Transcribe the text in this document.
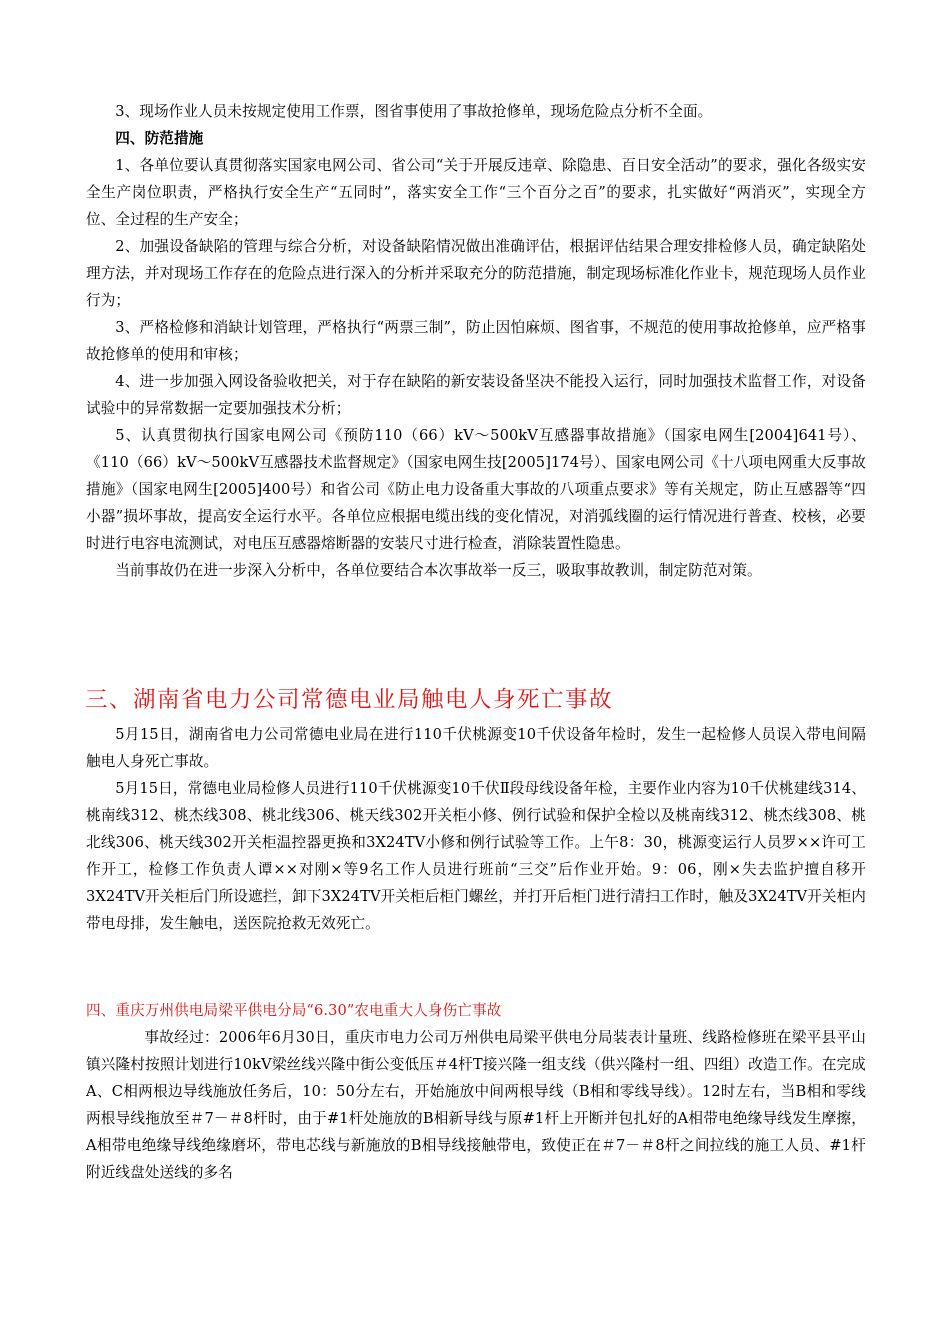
3、现场作业人员未按规定使用工作票，图省事使用了事故抢修单，现场危险点分析不全面。

四、防范措施

1、各单位要认真贯彻落实国家电网公司、省公司“关于开展反违章、除隐患、百日安全活动”的要求，强化各级实安全生产岗位职责，严格执行安全生产“五同时”，落实安全工作“三个百分之百”的要求，扎实做好“两消灭”，实现全方位、全过程的生产安全；

2、加强设备缺陷的管理与综合分析，对设备缺陷情况做出准确评估，根据评估结果合理安排检修人员，确定缺陷处理方法，并对现场工作存在的危险点进行深入的分析并采取充分的防范措施，制定现场标准化作业卡，规范现场人员作业行为；

3、严格检修和消缺计划管理，严格执行“两票三制”，防止因怕麻烦、图省事，不规范的使用事故抢修单，应严格事故抢修单的使用和审核；

4、进一步加强入网设备验收把关，对于存在缺陷的新安装设备坚决不能投入运行，同时加强技术监督工作，对设备试验中的异常数据一定要加强技术分析；

5、认真贯彻执行国家电网公司《预防110（66）kV～500kV互感器事故措施》（国家电网生[2004]641号）、《110（66）kV～500kV互感器技术监督规定》（国家电网生技[2005]174号）、国家电网公司《十八项电网重大反事故措施》（国家电网生[2005]400号）和省公司《防止电力设备重大事故的八项重点要求》等有关规定，防止互感器等“四小器”损坏事故，提高安全运行水平。各单位应根据电缆出线的变化情况，对消弧线圈的运行情况进行普查、校核，必要时进行电容电流测试，对电压互感器熔断器的安装尺寸进行检查，消除装置性隐患。

当前事故仍在进一步深入分析中，各单位要结合本次事故举一反三，吸取事故教训，制定防范对策。

三、湖南省电力公司常德电业局触电人身死亡事故

5月15日，湖南省电力公司常德电业局在进行110千伏桃源变10千伏设备年检时，发生一起检修人员误入带电间隔触电人身死亡事故。

5月15日，常德电业局检修人员进行110千伏桃源变10千伏Ⅱ段母线设备年检，主要作业内容为10千伏桃建线314、桃南线312、桃杰线308、桃北线306、桃天线302开关柜小修、例行试验和保护全检以及桃南线312、桃杰线308、桃北线306、桃天线302开关柜温控器更换和3X24TV小修和例行试验等工作。上午8：30，桃源变运行人员罗××许可工作开工，检修工作负责人谭××对刚×等9名工作人员进行班前“三交”后作业开始。9：06，刚×失去监护擅自移开3X24TV开关柜后门所设遮拦，卸下3X24TV开关柜后柜门螺丝，并打开后柜门进行清扫工作时，触及3X24TV开关柜内带电母排，发生触电，送医院抢救无效死亡。

四、重庆万州供电局梁平供电分局“6.30”农电重大人身伤亡事故

事故经过：2006年6月30日，重庆市电力公司万州供电局梁平供电分局装表计量班、线路检修班在梁平县平山镇兴隆村按照计划进行10kV梁丝线兴隆中街公变低压＃4杆T接兴隆一组支线（供兴隆村一组、四组）改造工作。在完成A、C相两根边导线施放任务后，10：50分左右，开始施放中间两根导线（B相和零线导线）。12时左右，当B相和零线两根导线拖放至＃7－＃8杆时，由于#1杆处施放的B相新导线与原#1杆上开断并包扎好的A相带电绝缘导线发生摩擦，A相带电绝缘导线绝缘磨坏，带电芯线与新施放的B相导线接触带电，致使正在＃7－＃8杆之间拉线的施工人员、#1杆附近线盘处送线的多名
